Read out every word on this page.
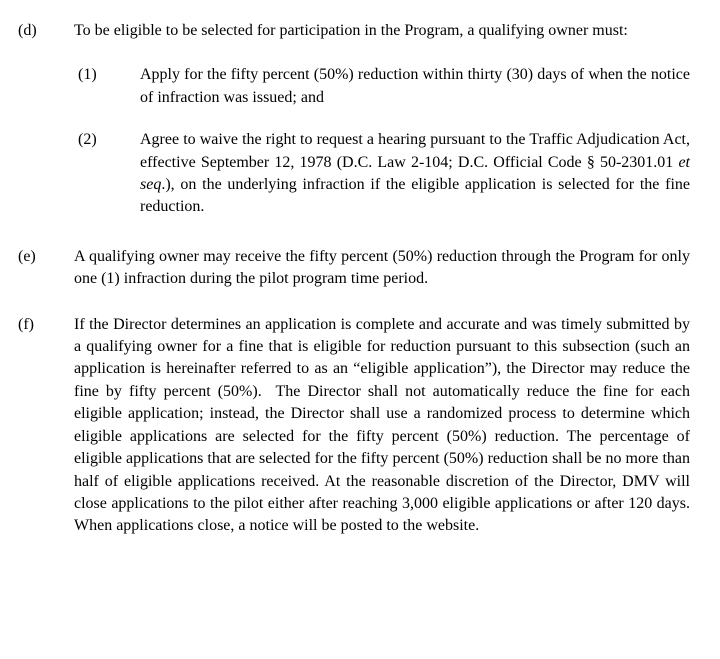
(d)	To be eligible to be selected for participation in the Program, a qualifying owner must:
(1)	Apply for the fifty percent (50%) reduction within thirty (30) days of when the notice of infraction was issued; and
(2)	Agree to waive the right to request a hearing pursuant to the Traffic Adjudication Act, effective September 12, 1978 (D.C. Law 2-104; D.C. Official Code § 50-2301.01 et seq.), on the underlying infraction if the eligible application is selected for the fine reduction.
(e)	A qualifying owner may receive the fifty percent (50%) reduction through the Program for only one (1) infraction during the pilot program time period.
(f)	If the Director determines an application is complete and accurate and was timely submitted by a qualifying owner for a fine that is eligible for reduction pursuant to this subsection (such an application is hereinafter referred to as an “eligible application”), the Director may reduce the fine by fifty percent (50%).  The Director shall not automatically reduce the fine for each eligible application; instead, the Director shall use a randomized process to determine which eligible applications are selected for the fifty percent (50%) reduction. The percentage of eligible applications that are selected for the fifty percent (50%) reduction shall be no more than half of eligible applications received. At the reasonable discretion of the Director, DMV will close applications to the pilot either after reaching 3,000 eligible applications or after 120 days. When applications close, a notice will be posted to the website.
